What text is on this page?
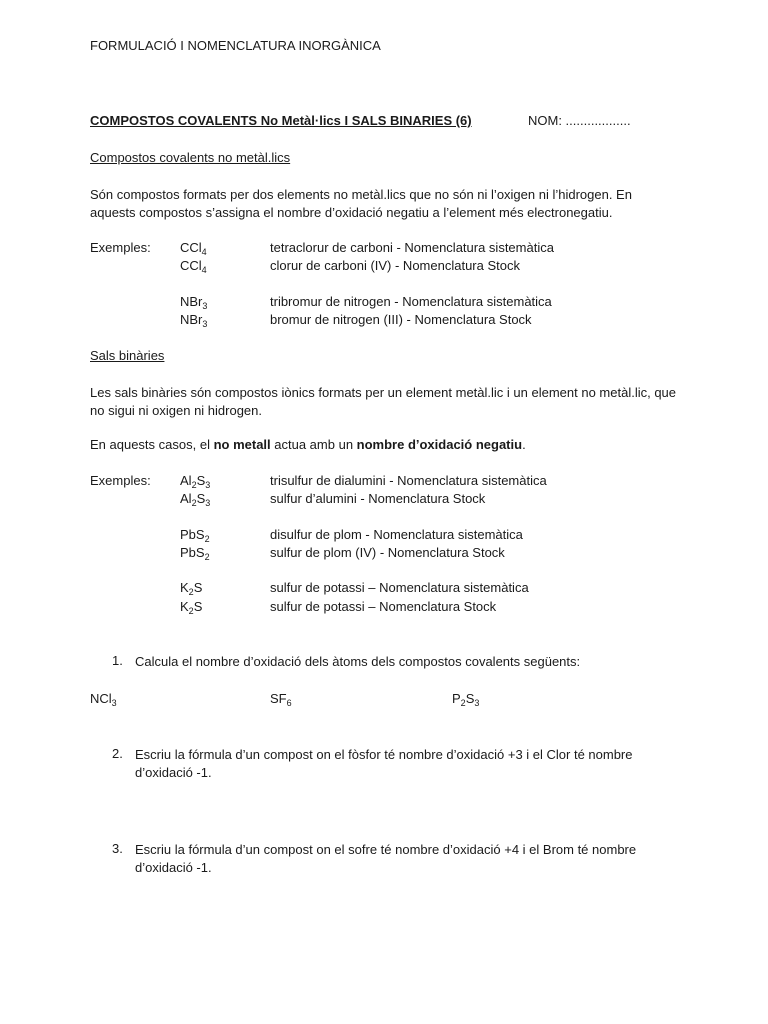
FORMULACIÓ I NOMENCLATURA INORGÀNICA
COMPOSTOS COVALENTS No Metàl·lics I SALS BINARIES (6)	NOM: ..................
Compostos covalents no metàl.lics
Són compostos formats per dos elements no metàl.lics que no són ni l’oxigen ni l’hidrogen. En aquests compostos s’assigna el nombre d’oxidació negatiu a l’element més electronegatiu.
Exemples: CCl$_4$	tetraclorur de carboni - Nomenclatura sistemàtica
CCl$_4$	clorur de carboni (IV) - Nomenclatura Stock
NBr$_3$	tribromur de nitrogen - Nomenclatura sistemàtica
NBr$_3$	bromur de nitrogen (III) - Nomenclatura Stock
Sals binàries
Les sals binàries són compostos iònics formats per un element metàl.lic i un element no metàl.lic, que no sigui ni oxigen ni hidrogen.
En aquests casos, el no metall actua amb un nombre d’oxidació negatiu.
Exemples: $Al_2S_3$	trisulfur de dialumini - Nomenclatura sistemàtica
$Al_2S_3$	sulfur d’alumini - Nomenclatura Stock
PbS$_2$	disulfur de plom - Nomenclatura sistemàtica
PbS$_2$	sulfur de plom (IV) - Nomenclatura Stock
$K_2S$	sulfur de potassi – Nomenclatura sistemàtica
$K_2S$	sulfur de potassi – Nomenclatura Stock
1. Calcula el nombre d’oxidació dels àtoms dels compostos covalents següents:
NCl$_3$	$SF_6$	$P_2S_3$
2. Escriu la fórmula d’un compost on el fòsfor té nombre d’oxidació +3 i el Clor té nombre d’oxidació -1.
3. Escriu la fórmula d’un compost on el sofre té nombre d’oxidació +4 i el Brom té nombre d’oxidació -1.
